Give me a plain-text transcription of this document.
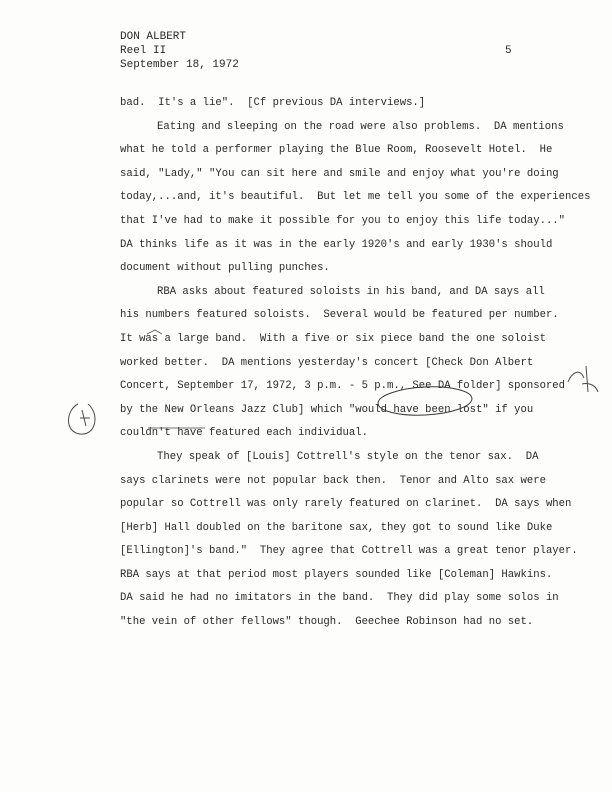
DON ALBERT
Reel II
September 18, 1972
5
bad.  It's a lie".  [Cf previous DA interviews.]
Eating and sleeping on the road were also problems.  DA mentions
what he told a performer playing the Blue Room, Roosevelt Hotel.  He
said, "Lady," "You can sit here and smile and enjoy what you're doing
today,...and, it's beautiful.  But let me tell you some of the experiences
that I've had to make it possible for you to enjoy this life today..."
DA thinks life as it was in the early 1920's and early 1930's should
document without pulling punches.
RBA asks about featured soloists in his band, and DA says all
his numbers featured soloists.  Several would be featured per number.
It was a large band.  With a five or six piece band the one soloist
worked better.  DA mentions yesterday's concert [Check Don Albert
Concert, September 17, 1972, 3 p.m. - 5 p.m., See DA folder] sponsored
by the New Orleans Jazz Club] which "would have been lost" if you
couldn't have featured each individual.
They speak of [Louis] Cottrell's style on the tenor sax.  DA
says clarinets were not popular back then.  Tenor and Alto sax were
popular so Cottrell was only rarely featured on clarinet.  DA says when
[Herb] Hall doubled on the baritone sax, they got to sound like Duke
[Ellington]'s band."  They agree that Cottrell was a great tenor player.
RBA says at that period most players sounded like [Coleman] Hawkins.
DA said he had no imitators in the band.  They did play some solos in
"the vein of other fellows" though.  Geechee Robinson had no set.
